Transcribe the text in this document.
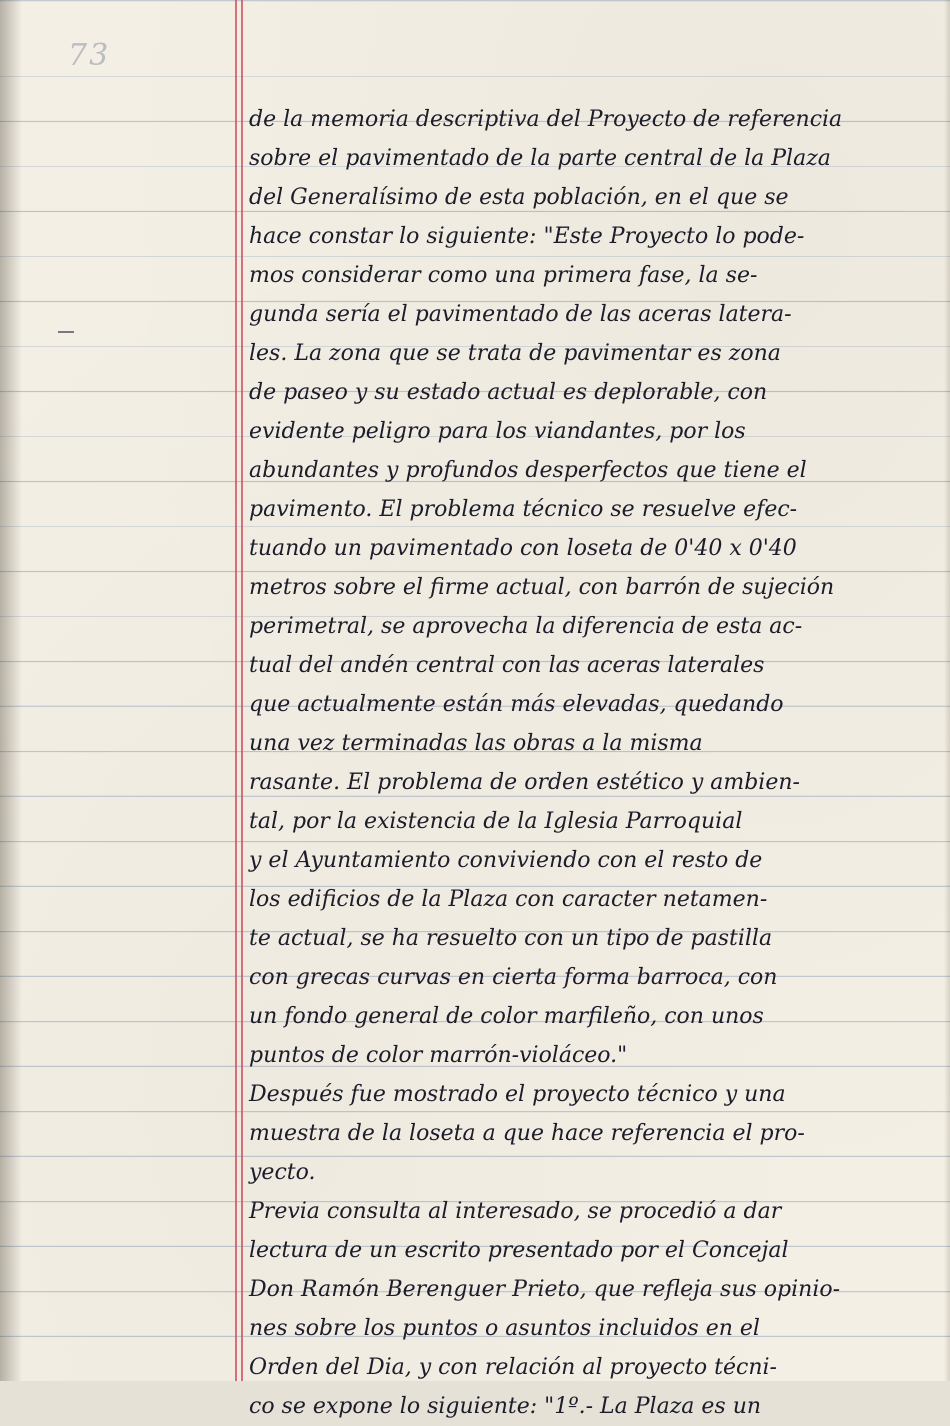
73
de la memoria descriptiva del Proyecto de referencia
sobre el pavimentado de la parte central de la Plaza
del Generalísimo de esta población, en el que se
hace constar lo siguiente: "Este Proyecto lo pode-
mos considerar como una primera fase, la se-
gunda sería el pavimentado de las aceras latera-
les. La zona que se trata de pavimentar es zona
de paseo y su estado actual es deplorable, con
evidente peligro para los viandantes, por los
abundantes y profundos desperfectos que tiene el
pavimento. El problema técnico se resuelve efec-
tuando un pavimentado con loseta de 0'40 x 0'40
metros sobre el firme actual, con barrón de sujeción
perimetral, se aprovecha la diferencia de esta ac-
tual del andén central con las aceras laterales
que actualmente están más elevadas, quedando
una vez terminadas las obras a la misma
rasante. El problema de orden estético y ambien-
tal, por la existencia de la Iglesia Parroquial
y el Ayuntamiento conviviendo con el resto de
los edificios de la Plaza con caracter netamen-
te actual, se ha resuelto con un tipo de pastilla
con grecas curvas en cierta forma barroca, con
un fondo general de color marfileño, con unos
puntos de color marrón-violáceo."
Después fue mostrado el proyecto técnico y una
muestra de la loseta a que hace referencia el pro-
yecto.
Previa consulta al interesado, se procedió a dar
lectura de un escrito presentado por el Concejal
Don Ramón Berenguer Prieto, que refleja sus opinio-
nes sobre los puntos o asuntos incluidos en el
Orden del Dia, y con relación al proyecto técni-
co se expone lo siguiente: "1º.- La Plaza es un
